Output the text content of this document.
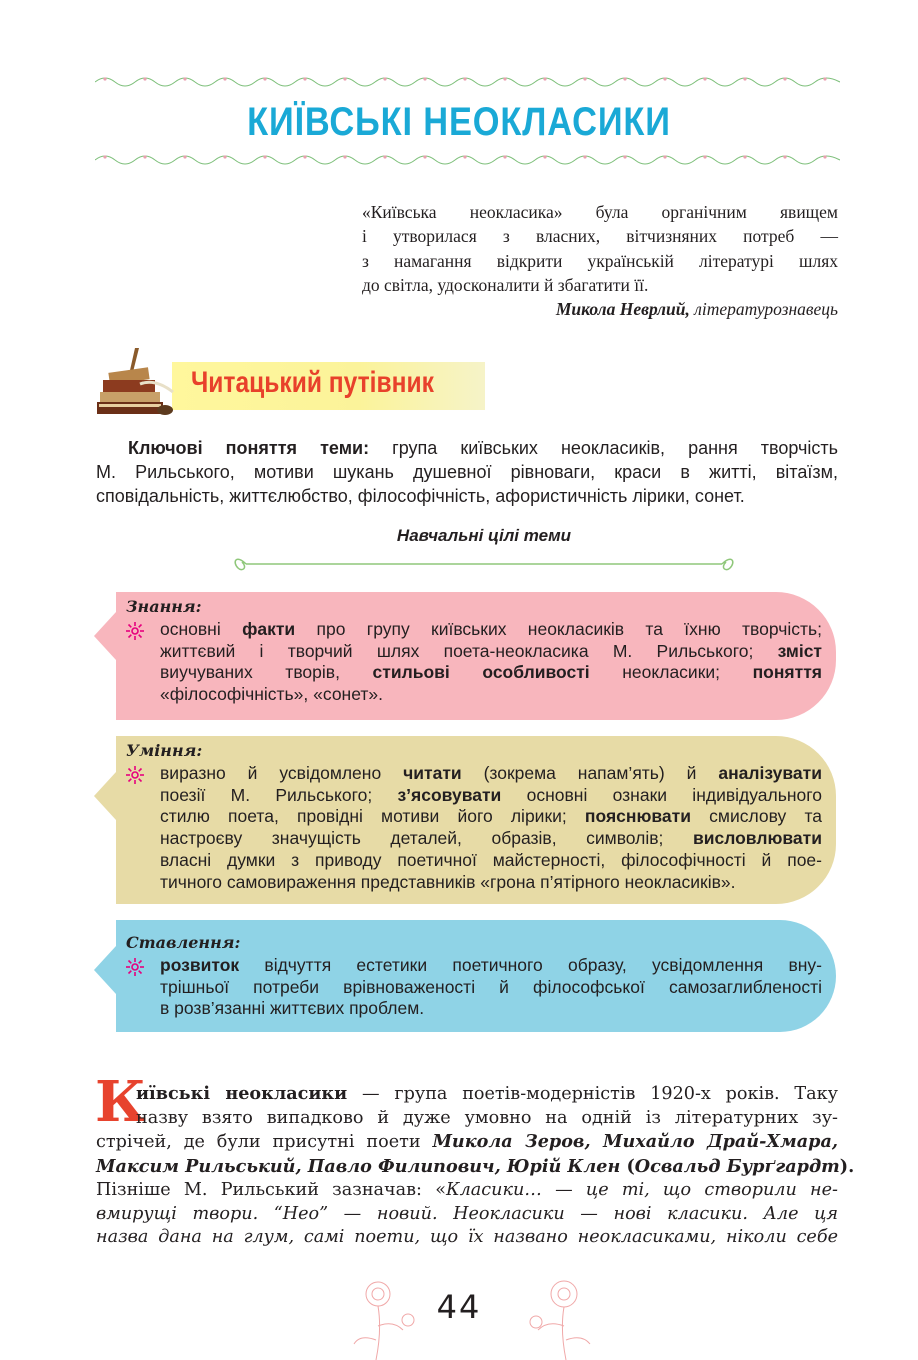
КИЇВСЬКІ НЕОКЛАСИКИ
«Київська неокласика» була органічним явищем
і утворилася з власних, вітчизняних потреб —
з намагання відкрити українській літературі шлях
до світла, удосконалити й збагатити її.
Микола Неврлий, літературознавець
Читацький путівник
Ключові поняття теми: група київських неокласиків, рання творчість
М. Рильського, мотиви шукань душевної рівноваги, краси в житті, вітаїзм,
сповідальність, життєлюбство, філософічність, афористичність лірики, сонет.
Навчальні цілі теми
Знання:
основні факти про групу київських неокласиків та їхню творчість;
життєвий і творчий шлях поета-неокласика М. Рильського; зміст
виучуваних творів, стильові особливості неокласики; поняття
«філософічність», «сонет».
Уміння:
виразно й усвідомлено читати (зокрема напам’ять) й аналізувати
поезії М. Рильського; з’ясовувати основні ознаки індивідуального
стилю поета, провідні мотиви його лірики; пояснювати смислову та
настроєву значущість деталей, образів, символів; висловлювати
власні думки з приводу поетичної майстерності, філософічності й пое-
тичного самовираження представників «грона п’ятірного неокласиків».
Ставлення:
розвиток відчуття естетики поетичного образу, усвідомлення вну-
трішньої потреби врівноваженості й філософської самозаглибленості
в розв’язанні життєвих проблем.
К
иївські неокласики — група поетів-модерністів 1920-х років. Таку
назву взято випадково й дуже умовно на одній із літературних зу-
стрічей, де були присутні поети Микола Зеров, Михайло Драй-Хмара,
Максим Рильський, Павло Филипович, Юрій Клен (Освальд Бурґгардт).
Пізніше М. Рильський зазначав: «Класики… — це ті, що створили не-
вмирущі твори. “Нео” — новий. Неокласики — нові класики. Але ця
назва дана на глум, самі поети, що їх названо неокласиками, ніколи себе
44
